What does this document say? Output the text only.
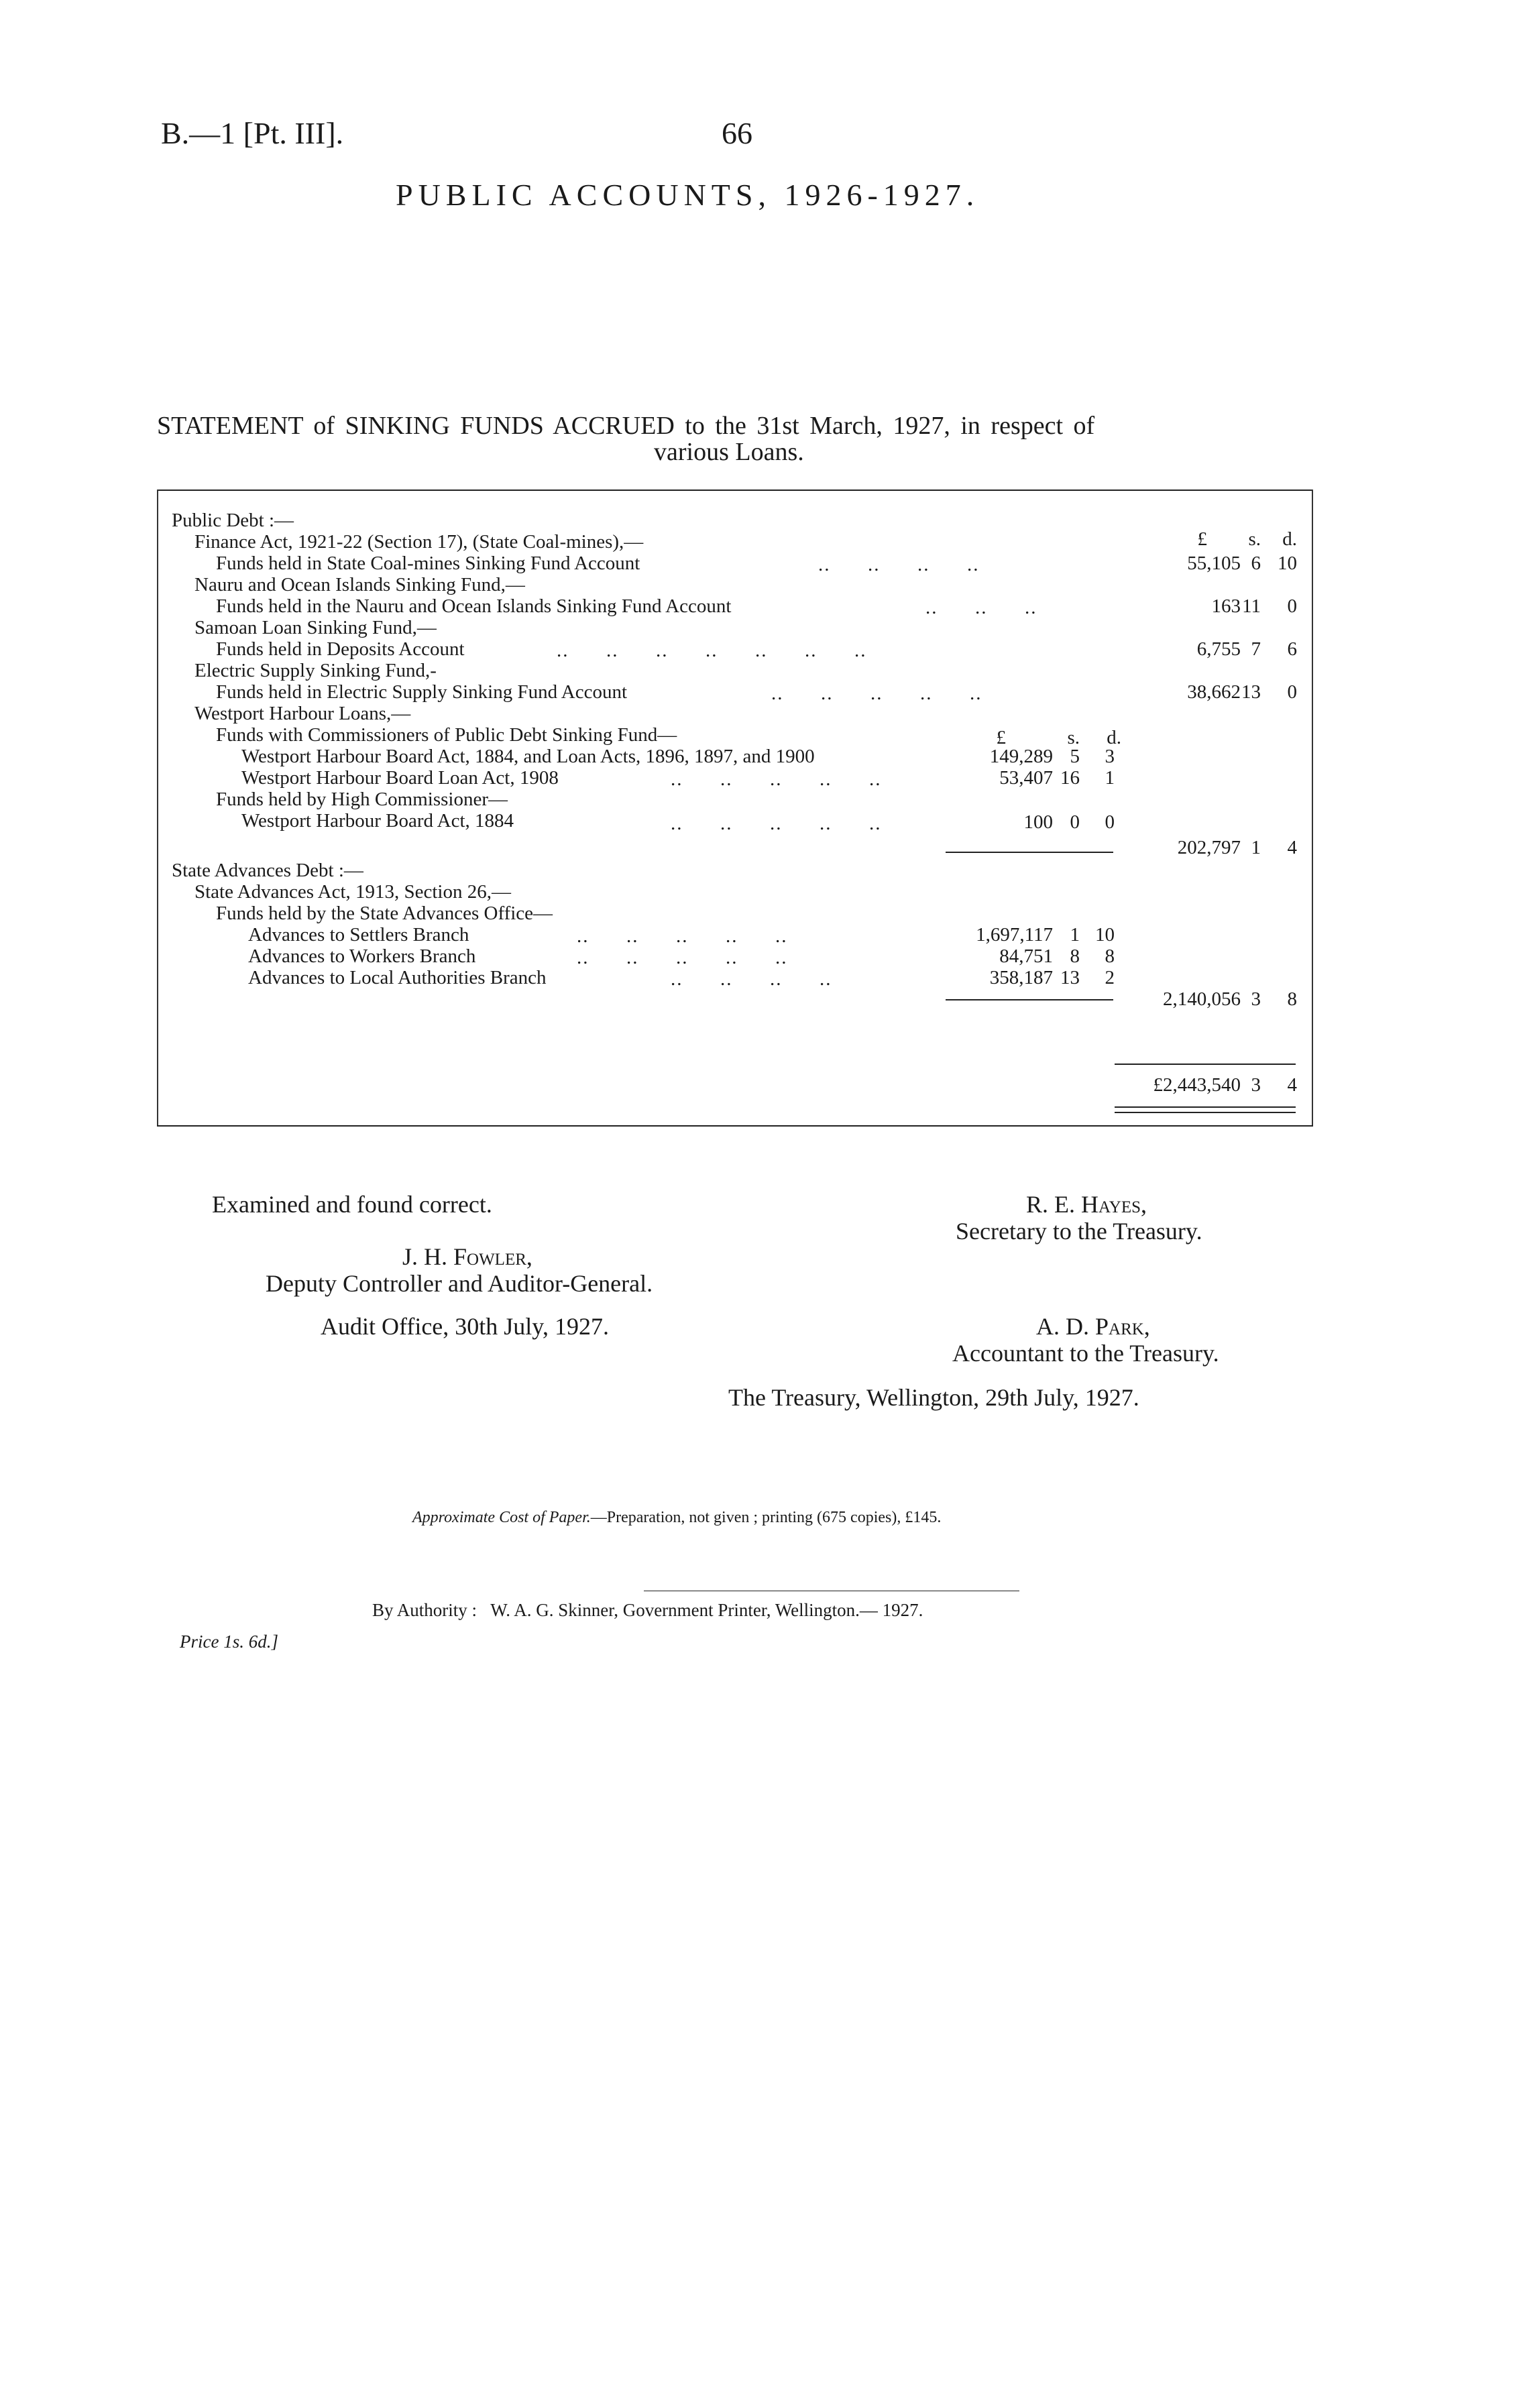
B.—1 [Pt. III].	66
PUBLIC ACCOUNTS, 1926-1927.
STATEMENT of SINKING FUNDS ACCRUED to the 31st March, 1927, in respect of
various Loans.
£	s.	d.
Public Debt :—
Finance Act, 1921-22 (Section 17), (State Coal-mines),—
Funds held in State Coal-mines Sinking Fund Account	..      ..      ..      ..	55,105 6 10
Nauru and Ocean Islands Sinking Fund,—
Funds held in the Nauru and Ocean Islands Sinking Fund Account	..      ..      ..	163 11	0
Samoan Loan Sinking Fund,—
Funds held in Deposits Account	..      ..      ..      ..      ..      ..      ..	6,755 7	6
Electric Supply Sinking Fund,-
Funds held in Electric Supply Sinking Fund Account	..      ..      ..      ..      ..	38,662 13	0
Westport Harbour Loans,—
Funds with Commissioners of Public Debt Sinking Fund—	£	s.	d.
Westport Harbour Board Act, 1884, and Loan Acts, 1896, 1897, and 1900	149,289 5	3
Westport Harbour Board Loan Act, 1908	..      ..      ..      ..      ..	53,407 16	1
Funds held by High Commissioner—
Westport Harbour Board Act, 1884	..      ..      ..      ..      ..	100 0	0
202,797 1	4
State Advances Debt :—
State Advances Act, 1913, Section 26,—
Funds held by the State Advances Office—
Advances to Settlers Branch	..      ..      ..      ..      ..	1,697,117 1 10
Advances to Workers Branch	..      ..      ..      ..      ..	84,751 8	8
Advances to Local Authorities Branch	..      ..      ..      ..	358,187 13	2
2,140,056 3	8
£2,443,540 3	4
Examined and found correct.
J. H. Fowler,
Deputy Controller and Auditor-General.
Audit Office, 30th July, 1927.
R. E. Hayes,
Secretary to the Treasury.
A. D. Park,
Accountant to the Treasury.
The Treasury, Wellington, 29th July, 1927.
Approximate Cost of Paper.—Preparation, not given ; printing (675 copies), £145.
By Authority : W. A. G. Skinner, Government Printer, Wellington.— 1927.
Price 1s. 6d.]
